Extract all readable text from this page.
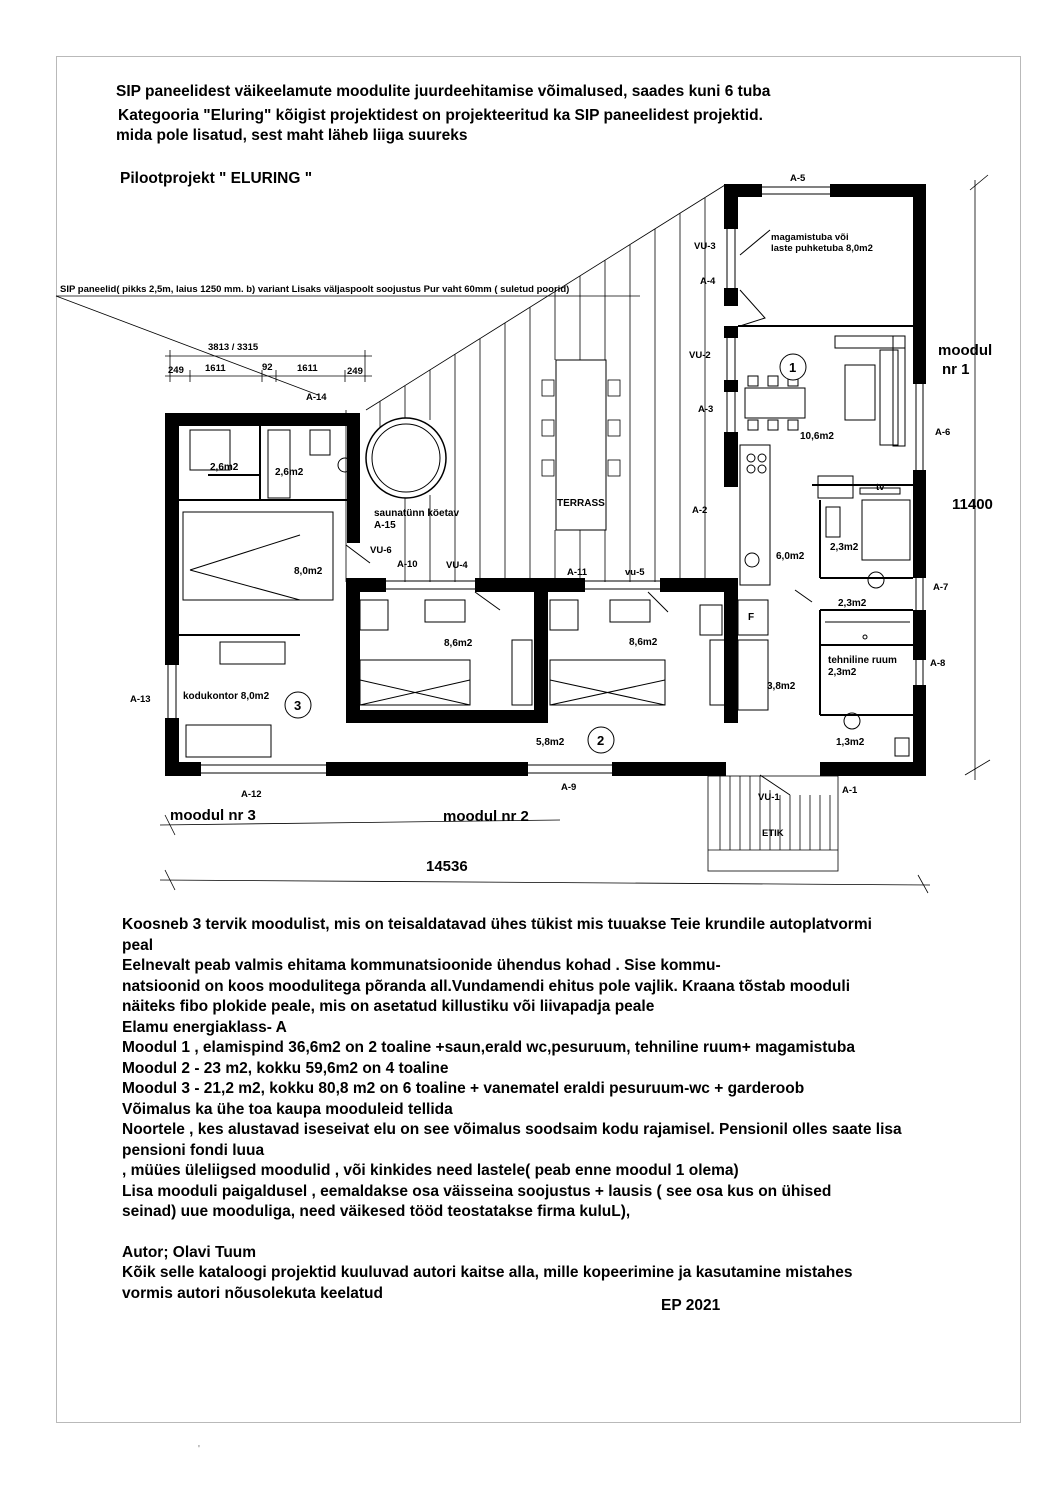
SIP paneelidest väikeelamute moodulite juurdeehitamise võimalused, saades kuni 6 tuba
Kategooria "Eluring" kõigist projektidest on projekteeritud ka SIP paneelidest projektid.
mida pole lisatud, sest maht läheb liiga suureks
Pilootprojekt " ELURING "
SIP paneelid( pikks 2,5m, laius 1250 mm. b) variant Lisaks väljaspoolt soojustus Pur vaht 60mm ( suletud poorid)
3813 / 3315
249 1611	92	1611	249
saunatünn köetav
A-15
TERRASS
A-1
A-2
A-3
A-4
A-5
A-6
A-7
A-8
A-9
A-10
A-11
A-12
A-13
A-14
VU-1
VU-2
VU-3
VU-4
VU-6
vu-5
magamistuba või
laste puhketuba 8,0m2
10,6m2
6,0m2
2,3m2
2,3m2
tehniline ruum
2,3m2
1,3m2
3,8m2
8,6m2	8,6m2
5,8m2
kodukontor 8,0m2
8,0m2
2,6m2	2,6m2
F
tv
1
2
3
ETIK
moodul
nr 1
moodul nr 3	moodul nr 2
14536
11400
Koosneb 3 tervik moodulist, mis on teisaldatavad ühes tükist mis tuuakse Teie krundile autoplatvormi
peal
Eelnevalt peab valmis ehitama kommunatsioonide ühendus kohad . Sise kommu-
natsioonid on koos moodulitega põranda all.Vundamendi ehitus pole vajlik. Kraana tõstab mooduli
näiteks fibo plokide peale, mis on asetatud killustiku või liivapadja peale
Elamu energiaklass- A
Moodul 1 , elamispind 36,6m2 on 2 toaline +saun,erald wc,pesuruum, tehniline ruum+ magamistuba
Moodul 2 - 23 m2, kokku 59,6m2 on 4 toaline
Moodul 3 - 21,2 m2, kokku 80,8 m2 on 6 toaline + vanematel eraldi pesuruum-wc + garderoob
Võimalus ka ühe toa kaupa mooduleid tellida
Noortele , kes alustavad iseseivat elu on see võimalus soodsaim kodu rajamisel. Pensionil olles saate lisa
pensioni fondi luua
, müües üleliigsed moodulid , või kinkides need lastele( peab enne moodul 1 olema)
Lisa mooduli paigaldusel , eemaldakse osa väisseina soojustus + lausis ( see osa kus on ühised
seinad) uue mooduliga, need väikesed tööd teostatakse firma kuluL),
Autor; Olavi Tuum
Kõik selle kataloogi projektid kuuluvad autori kaitse alla, mille kopeerimine ja kasutamine mistahes
vormis autori nõusolekuta keelatud
EP 2021
'
